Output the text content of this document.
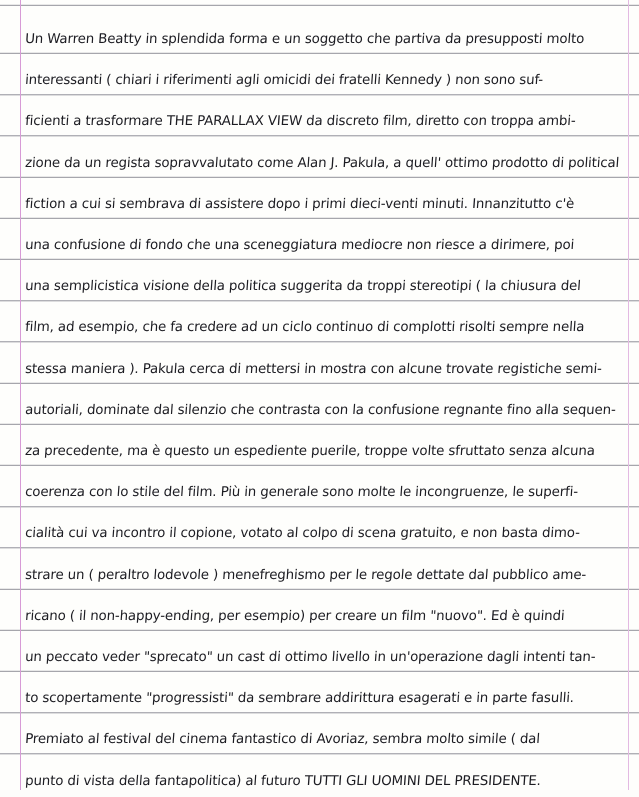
Un Warren Beatty in splendida forma e un soggetto che partiva da presupposti molto
interessanti ( chiari i riferimenti agli omicidi dei fratelli Kennedy ) non sono suf-
ficienti a trasformare THE PARALLAX VIEW da discreto film, diretto con troppa ambi-
zione da un regista sopravvalutato come Alan J. Pakula, a quell' ottimo prodotto di political
fiction a cui si sembrava di assistere dopo i primi dieci-venti minuti. Innanzitutto c'è
una confusione di fondo che una sceneggiatura mediocre non riesce a dirimere, poi
una semplicistica visione della politica suggerita da troppi stereotipi ( la chiusura del
film, ad esempio, che fa credere ad un ciclo continuo di complotti risolti sempre nella
stessa maniera ). Pakula cerca di mettersi in mostra con alcune trovate registiche semi-
autoriali, dominate dal silenzio che contrasta con la confusione regnante fino alla sequen-
za precedente, ma è questo un espediente puerile, troppe volte sfruttato senza alcuna
coerenza con lo stile del film. Più in generale sono molte le incongruenze, le superfi-
cialità cui va incontro il copione, votato al colpo di scena gratuito, e non basta dimo-
strare un ( peraltro lodevole ) menefreghismo per le regole dettate dal pubblico ame-
ricano ( il non-happy-ending, per esempio) per creare un film "nuovo". Ed è quindi
un peccato veder "sprecato" un cast di ottimo livello in un'operazione dagli intenti tan-
to scopertamente "progressisti" da sembrare addirittura esagerati e in parte fasulli.
Premiato al festival del cinema fantastico di Avoriaz, sembra molto simile ( dal
punto di vista della fantapolitica) al futuro TUTTI GLI UOMINI DEL PRESIDENTE.
